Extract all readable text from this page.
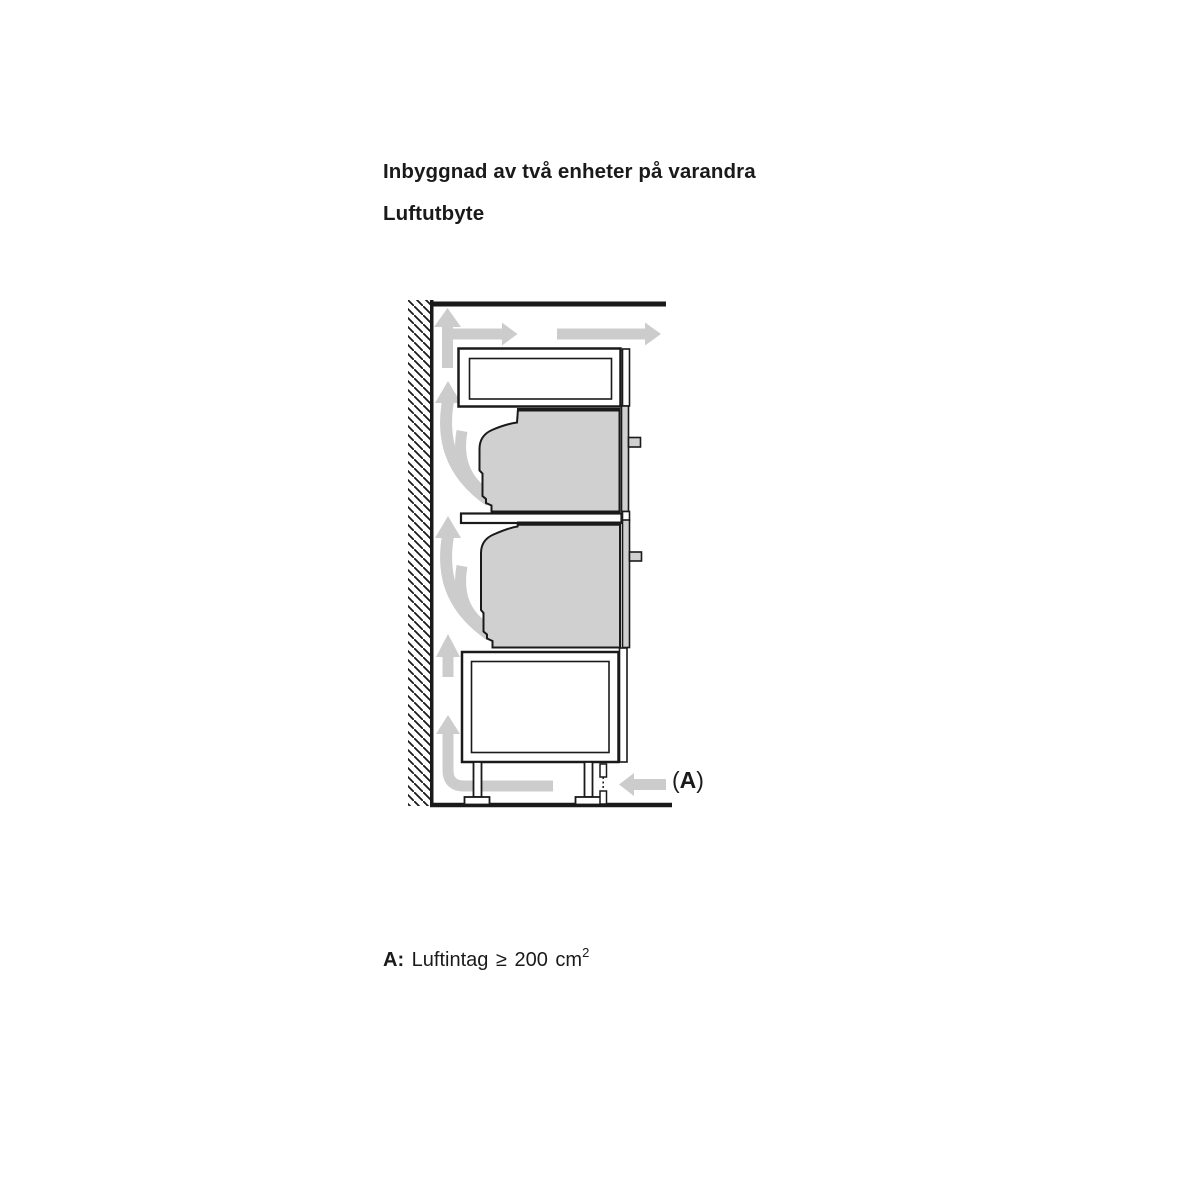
Inbyggnad av två enheter på varandra
Luftutbyte
(A)
A: Luftintag ≥ 200 $cm^2$
